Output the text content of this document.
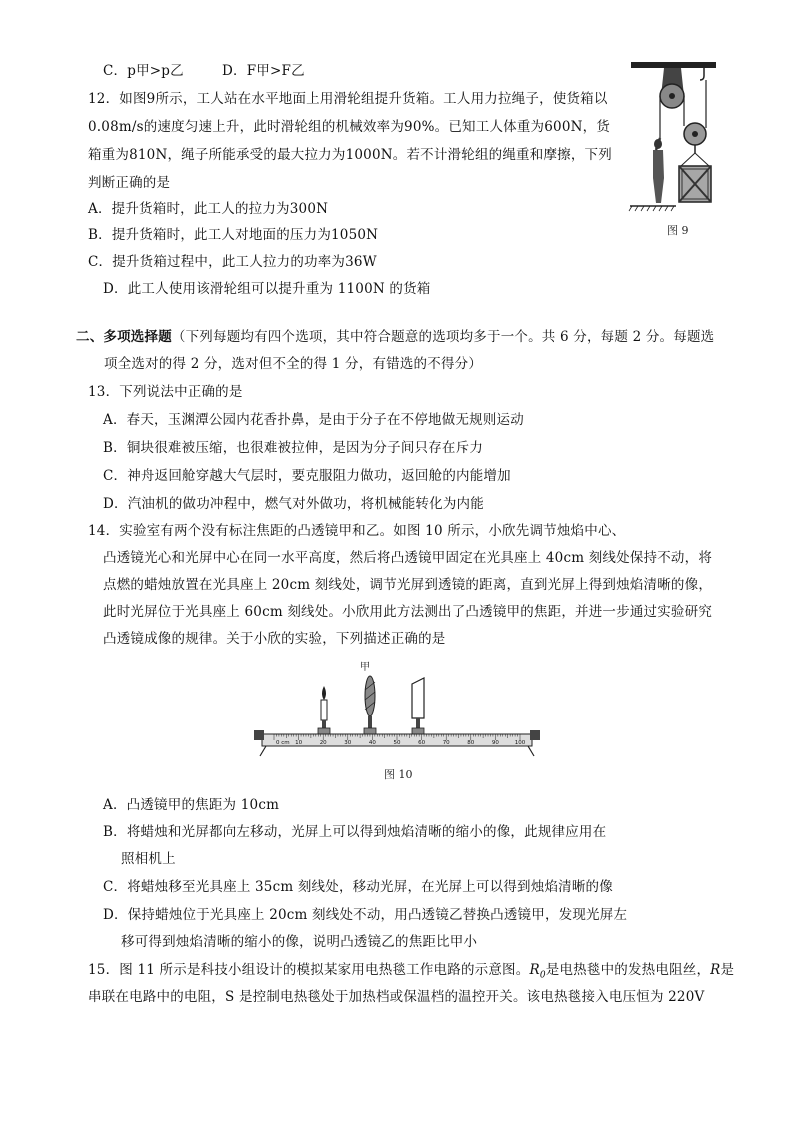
C．p甲>p乙	D．F甲>F乙
12．如图9所示，工人站在水平地面上用滑轮组提升货箱。工人用力拉绳子，使货箱以
0.08m/s的速度匀速上升，此时滑轮组的机械效率为90%。已知工人体重为600N，货
箱重为810N，绳子所能承受的最大拉力为1000N。若不计滑轮组的绳重和摩擦，下列
判断正确的是
A．提升货箱时，此工人的拉力为300N
B．提升货箱时，此工人对地面的压力为1050N
C．提升货箱过程中，此工人拉力的功率为36W
D．此工人使用该滑轮组可以提升重为 1100N 的货箱
图 9
二、多项选择题（下列每题均有四个选项，其中符合题意的选项均多于一个。共 6 分，每题 2 分。每题选
项全选对的得 2 分，选对但不全的得 1 分，有错选的不得分）
13．下列说法中正确的是
A．春天，玉渊潭公园内花香扑鼻，是由于分子在不停地做无规则运动
B．铜块很难被压缩，也很难被拉伸，是因为分子间只存在斥力
C．神舟返回舱穿越大气层时，要克服阻力做功，返回舱的内能增加
D．汽油机的做功冲程中，燃气对外做功，将机械能转化为内能
14．实验室有两个没有标注焦距的凸透镜甲和乙。如图 10 所示，小欣先调节烛焰中心、
凸透镜光心和光屏中心在同一水平高度，然后将凸透镜甲固定在光具座上 40cm 刻线处保持不动，将
点燃的蜡烛放置在光具座上 20cm 刻线处，调节光屏到透镜的距离，直到光屏上得到烛焰清晰的像，
此时光屏位于光具座上 60cm 刻线处。小欣用此方法测出了凸透镜甲的焦距，并进一步通过实验研究
凸透镜成像的规律。关于小欣的实验，下列描述正确的是
甲
0 cm 10	20	30	40	50	60	70	80	90	100
图 10
A．凸透镜甲的焦距为 10cm
B．将蜡烛和光屏都向左移动，光屏上可以得到烛焰清晰的缩小的像，此规律应用在
照相机上
C．将蜡烛移至光具座上 35cm 刻线处，移动光屏，在光屏上可以得到烛焰清晰的像
D．保持蜡烛位于光具座上 20cm 刻线处不动，用凸透镜乙替换凸透镜甲，发现光屏左
移可得到烛焰清晰的缩小的像，说明凸透镜乙的焦距比甲小
15．图 11 所示是科技小组设计的模拟某家用电热毯工作电路的示意图。$R_0$是电热毯中的发热电阻丝，R是
串联在电路中的电阻，S 是控制电热毯处于加热档或保温档的温控开关。该电热毯接入电压恒为 220V
